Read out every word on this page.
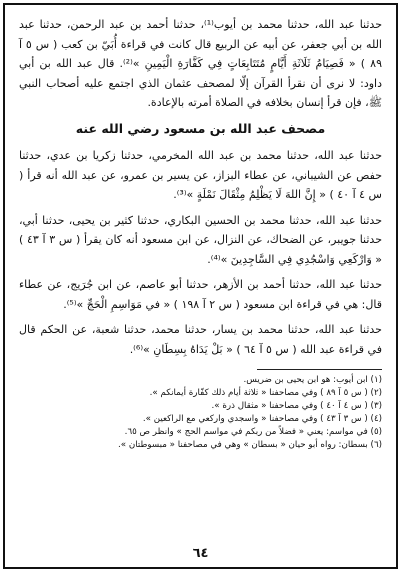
حدثنا عبد الله، حدثنا محمد بن أيوب⁽¹⁾، حدثنا أحمد بن عبد الرحمن، حدثنا عبد الله بن أبي جعفر، عن أبيه عن الربيع قال كانت في قراءة أُبَيّ بن كعب ( س ٥ آ ٨٩ ) « فَصِيَامُ ثَلَاثَةِ أَيَّامٍ مُتَتَابِعَاتٍ فِي كَفَّارَةِ الْيَمِينِ »⁽²⁾. قال عبد الله بن أبي داود: لا نرى أن نقرأ القرآن إلّا لمصحف عثمان الذي اجتمع عليه أصحاب النبي ﷺ، فإن قرأ إنسان بخلافه في الصلاة أمرته بالإعادة.

مصحف عبد الله بن مسعود رضي الله عنه

حدثنا عبد الله، حدثنا محمد بن عبد الله المخرمي، حدثنا زكريا بن عدي، حدثنا حفص عن الشيباني، عن عطاء البزاز، عن يسير بن عمرو، عن عبد الله أنه قرأ ( س ٤ آ ٤٠ ) « إِنَّ اللهَ لَا يَظْلِمُ مِثْقَالَ نَمْلَةٍ »⁽³⁾.

حدثنا عبد الله، حدثنا محمد بن الحسين البكاري، حدثنا كثير بن يحيى، حدثنا أبي، حدثنا جويبر، عن الضحاك، عن النزال، عن ابن مسعود أنه كان يقرأ ( س ٣ آ ٤٣ ) « وَارْكَعِي وَاسْجُدِي فِي السَّاجِدِينَ »⁽⁴⁾.

حدثنا عبد الله، حدثنا أحمد بن الأزهر، حدثنا أبو عاصم، عن ابن جُرَيج، عن عطاء قال: هي في قراءة ابن مسعود ( س ٢ آ ١٩٨ ) « في مَوَاسِمِ الْحَجِّ »⁽⁵⁾.

حدثنا عبد الله، حدثنا محمد بن يسار، حدثنا محمد، حدثنا شعبة، عن الحكم قال في قراءة عبد الله ( س ٥ آ ٦٤ ) « بَلْ يَدَاهُ بِسِطَانِ »⁽⁶⁾.

(١) ابن أيوب: هو ابن يحيى بن ضريس.

(٢) ( س ٥ آ ٨٩ ) وفي مصاحفنا « ثلاثة أيام ذلك كفّارة أيمانكم ».

(٣) ( س ٤ آ ٤٠ ) وفي مصاحفنا « مثقال ذرة ».

(٤) ( س ٣ آ ٤٣ ) وفي مصاحفنا « واسجدي واركعي مع الراكعين ».

(٥) في مواسم: يعني « فضلاً من ربكم في مواسم الحج » وانظر ص ٦٥.

(٦) بسطان: رواه أبو حيان « بسطان » وهي في مصاحفنا « مبسوطتان ».

٦٤
